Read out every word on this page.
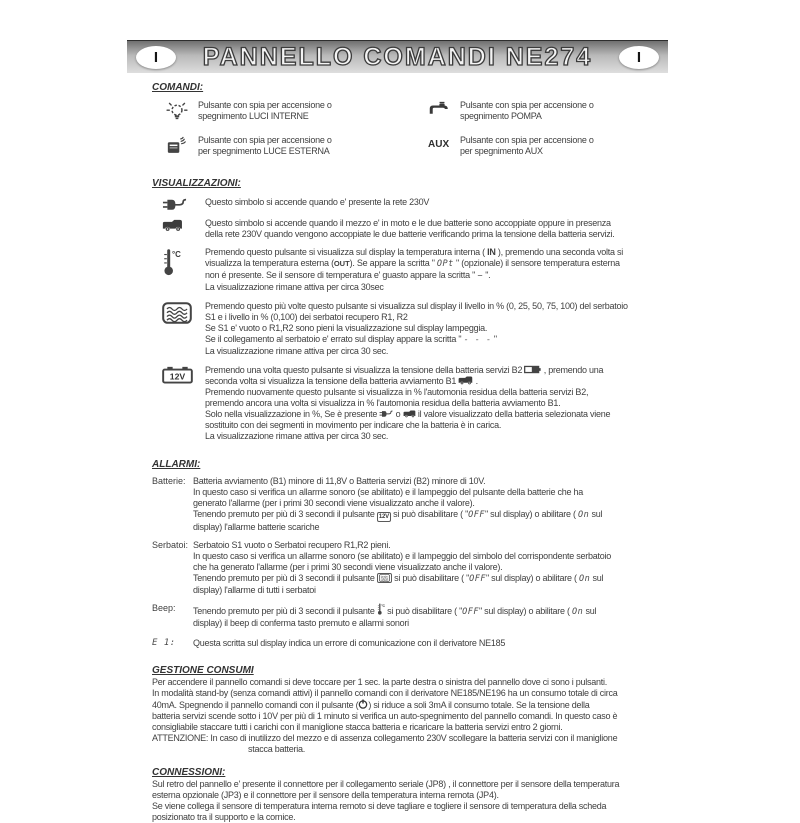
I	PANNELLO COMANDI NE274	I
COMANDI:
Pulsante con spia per accensione o
spegnimento LUCI INTERNE
Pulsante con spia per accensione o
spegnimento POMPA
Pulsante con spia per accensione o
per spegnimento LUCE ESTERNA
AUX	Pulsante con spia per accensione o
per spegnimento AUX
VISUALIZZAZIONI:
Questo simbolo si accende quando e' presente la rete 230V
Questo simbolo si accende quando il mezzo e' in moto e le due batterie sono accoppiate oppure in presenza
della rete 230V quando vengono accoppiate le due batterie verificando prima la tensione della batteria servizi.
Premendo questo pulsante si visualizza sul display la temperatura interna ( IN ), premendo una seconda volta si
visualizza la temperatura esterna (OUT). Se appare la scritta " OPt " (opzionale) il sensore temperatura esterna
non é presente. Se il sensore di temperatura e' guasto appare la scritta " − ".
La visualizzazione rimane attiva per circa 30sec
Premendo questo più volte questo pulsante si visualizza sul display il livello in % (0, 25, 50, 75, 100) del serbatoio
S1 e i livello in % (0,100) dei serbatoi recupero R1, R2
Se S1 e' vuoto o R1,R2 sono pieni la visualizzazione sul display lampeggia.
Se il collegamento al serbatoio e' errato sul display appare la scritta " - - - "
La visualizzazione rimane attiva per circa 30 sec.
Premendo una volta questo pulsante si visualizza la tensione della batteria servizi B2  , premendo una
seconda volta si visualizza la tensione della batteria avviamento B1  .
Premendo nuovamente questo pulsante si visualizza in % l'automonia residua della batteria servizi B2,
premendo ancora una volta si visualizza in % l'automonia residua della batteria avviamento B1.
Solo nella visualizzazione in %, Se è presente  o  il valore visualizzato della batteria selezionata viene
sostituito con dei segmenti in movimento per indicare che la batteria è in carica.
La visualizzazione rimane attiva per circa 30 sec.
ALLARMI:
Batterie: Batteria avviamento (B1) minore di 11,8V o Batteria servizi (B2) minore di 10V.
In questo caso si verifica un allarme sonoro (se abilitato) e il lampeggio del pulsante della batterie che ha
generato l'allarme (per i primi 30 secondi viene visualizzato anche il valore).
Tenendo premuto per più di 3 secondi il pulsante 12V si può disabilitare ( "OFF" sul display) o abilitare ( On sul
display) l'allarme batterie scariche
Serbatoi: Serbatoio S1 vuoto o Serbatoi recupero R1,R2 pieni.
In questo caso si verifica un allarme sonoro (se abilitato) e il lampeggio del simbolo del corrispondente serbatoio
che ha generato l'allarme (per i primi 30 secondi viene visualizzato anche il valore).
Tenendo premuto per più di 3 secondi il pulsante
si può disabilitare ( "OFF" sul display) o abilitare ( On sul
display) l'allarme di tutti i serbatoi
Beep:	Tenendo premuto per più di 3 secondi il pulsante  si può disabilitare ( "OFF" sul display) o abilitare ( On sul
display) il beep di conferma tasto premuto e allarmi sonori
E 1:	Questa scritta sul display indica un errore di comunicazione con il derivatore NE185
GESTIONE CONSUMI
Per accendere il pannello comandi si deve toccare per 1 sec. la parte destra o sinistra del pannello dove ci sono i pulsanti.
In modalità stand-by (senza comandi attivi) il pannello comandi con il derivatore NE185/NE196 ha un consumo totale di circa
40mA. Spegnendo il pannello comandi con il pulsante ( ) si riduce a soli 3mA il consumo totale. Se la tensione della
batteria servizi scende sotto i 10V per più di 1 minuto si verifica un auto-spegnimento del pannello comandi. In questo caso è
consigliabile staccare tutti i carichi con il maniglione stacca batteria e ricaricare la batteria servizi entro 2 giorni.
ATTENZIONE: In caso di inutilizzo del mezzo e di assenza collegamento 230V scollegare la batteria servizi con il maniglione
stacca batteria.
CONNESSIONI:
Sul retro del pannello e' presente il connettore per il collegamento seriale (JP8) , il connettore per il sensore della temperatura
esterna opzionale (JP3) e il connettore per il sensore della temperatura interna remota (JP4).
Se viene collega il sensore di temperatura interna remoto si deve tagliare e togliere il sensore di temperatura della scheda
posizionato tra il supporto e la cornice.
